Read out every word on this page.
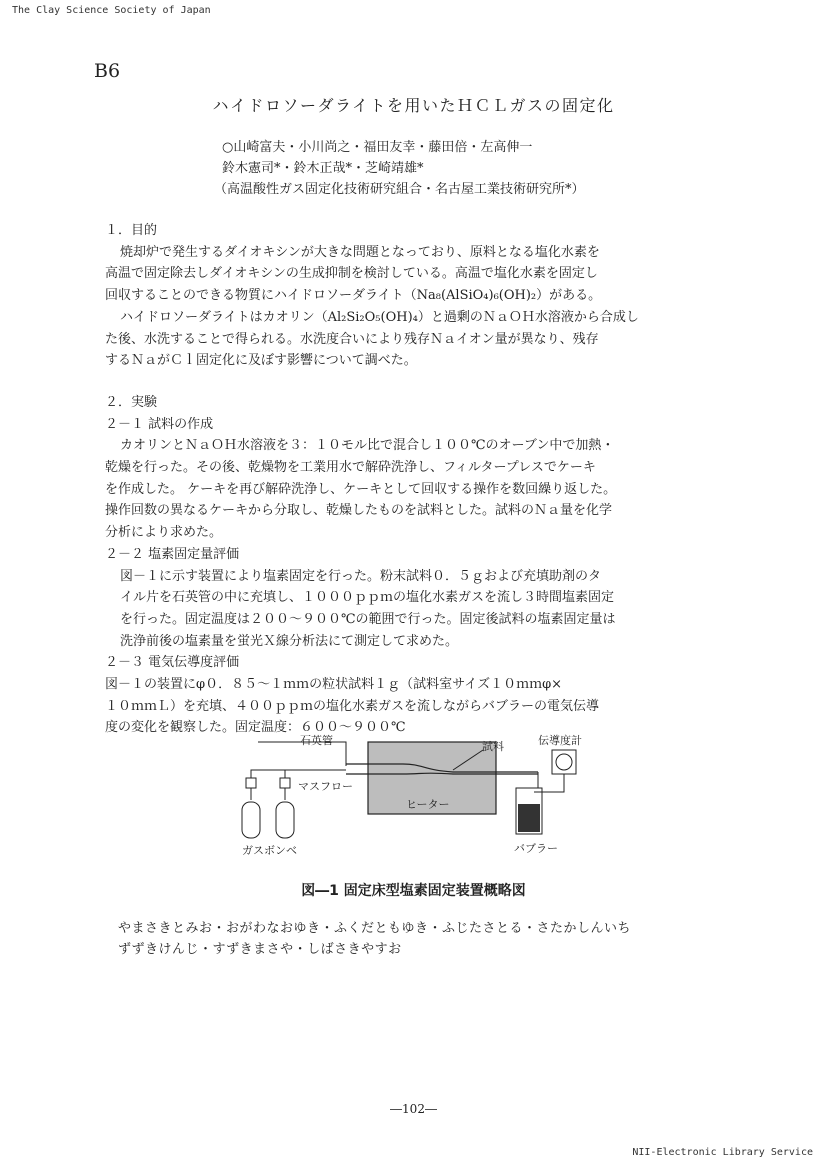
The Clay Science Society of Japan
B6
ハイドロソーダライトを用いたＨＣＬガスの固定化
○山崎富夫・小川尚之・福田友幸・藤田倍・左高伸一
鈴木憲司*・鈴木正哉*・芝崎靖雄*
（高温酸性ガス固定化技術研究組合・名古屋工業技術研究所*）

１．目的

焼却炉で発生するダイオキシンが大きな問題となっており、原料となる塩化水素を

高温で固定除去しダイオキシンの生成抑制を検討している。高温で塩化水素を固定し

回収することのできる物質にハイドロソーダライト（Na₈(AlSiO₄)₆(OH)₂）がある。

ハイドロソーダライトはカオリン（Al₂Si₂O₅(OH)₄）と過剰のＮａＯＨ水溶液から合成し

た後、水洗することで得られる。水洗度合いにより残存Ｎａイオン量が異なり、残存

するＮａがＣｌ固定化に及ぼす影響について調べた。

２．実験

２－１ 試料の作成

カオリンとＮａＯＨ水溶液を３：１０モル比で混合し１００℃のオーブン中で加熱・

乾燥を行った。その後、乾燥物を工業用水で解砕洗浄し、フィルタープレスでケーキ

を作成した。 ケーキを再び解砕洗浄し、ケーキとして回収する操作を数回繰り返した。

操作回数の異なるケーキから分取し、乾燥したものを試料とした。試料のＮａ量を化学

分析により求めた。

２－２ 塩素固定量評価

図－１に示す装置により塩素固定を行った。粉末試料０．５ｇおよび充填助剤のタ

イル片を石英管の中に充填し、１０００ｐｐｍの塩化水素ガスを流し３時間塩素固定

を行った。固定温度は２００～９００℃の範囲で行った。固定後試料の塩素固定量は

洗浄前後の塩素量を蛍光Ｘ線分析法にて測定して求めた。

２－３ 電気伝導度評価

図－１の装置にφ０．８５～１ｍｍの粒状試料１ｇ（試料室サイズ１０ｍｍφ×

１０ｍｍＬ）を充填、４００ｐｐｍの塩化水素ガスを流しながらバブラーの電気伝導

度の変化を観察した。固定温度：６００～９００℃

石英管	試料	伝導度計
マスフロー
ヒーター
ガスボンベ	バブラー
図―1 固定床型塩素固定装置概略図
やまさきとみお・おがわなおゆき・ふくだともゆき・ふじたさとる・さたかしんいち
ずずきけんじ・すずきまさや・しばさきやすお
―102―
NII-Electronic Library Service
